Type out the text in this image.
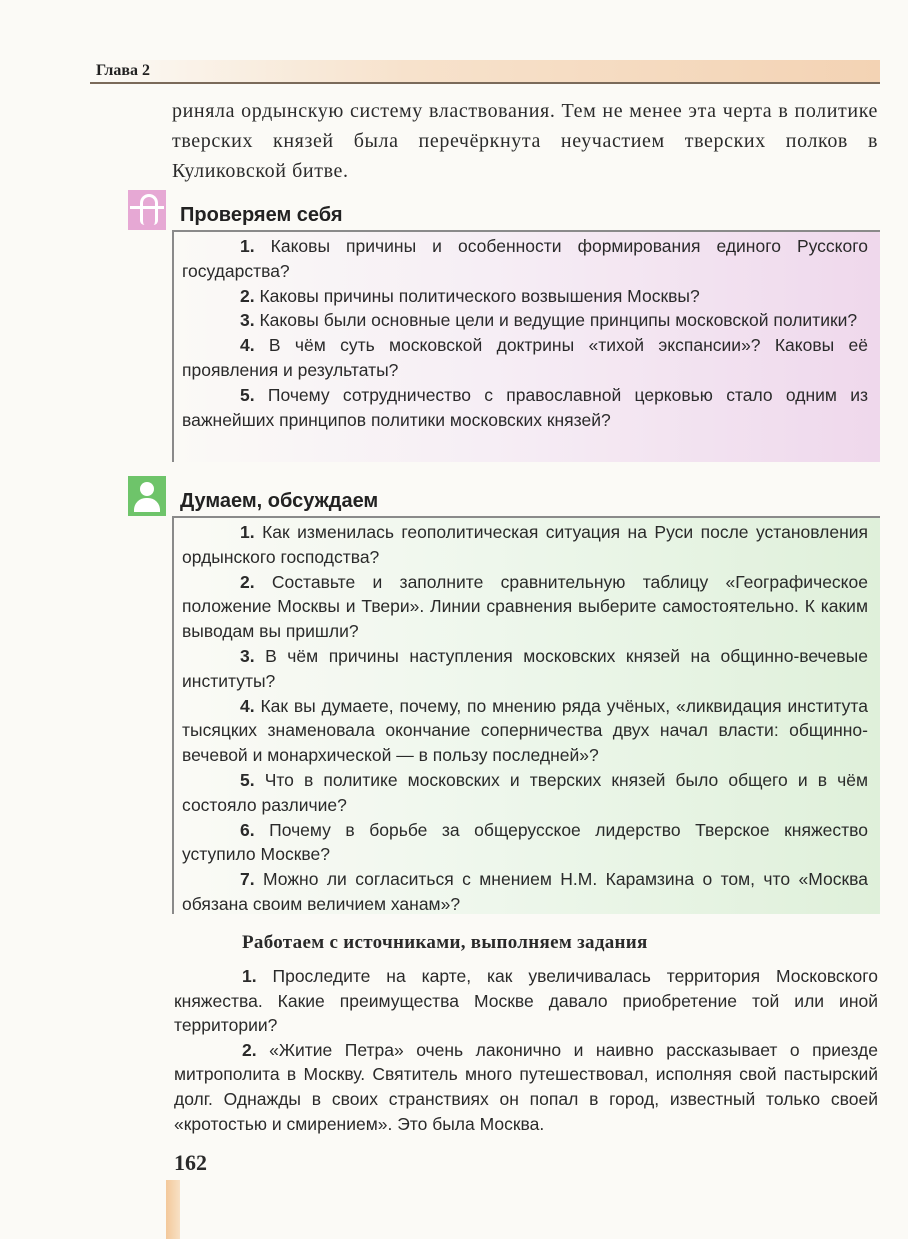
Глава 2

риняла ордынскую систему властвования. Тем не менее эта черта в политике тверских князей была перечёркнута неучастием тверских полков в Куликовской битве.

Проверяем себя
1. Каковы причины и особенности формирования единого Русского государства?
2. Каковы причины политического возвышения Москвы?
3. Каковы были основные цели и ведущие принципы московской политики?
4. В чём суть московской доктрины «тихой экспансии»? Каковы её проявления и результаты?
5. Почему сотрудничество с православной церковью стало одним из важнейших принципов политики московских князей?
Думаем, обсуждаем
1. Как изменилась геополитическая ситуация на Руси после установления ордынского господства?
2. Составьте и заполните сравнительную таблицу «Географическое положение Москвы и Твери». Линии сравнения выберите самостоятельно. К каким выводам вы пришли?
3. В чём причины наступления московских князей на общинно-вечевые институты?
4. Как вы думаете, почему, по мнению ряда учёных, «ликвидация института тысяцких знаменовала окончание соперничества двух начал власти: общинно-вечевой и монархической — в пользу последней»?
5. Что в политике московских и тверских князей было общего и в чём состояло различие?
6. Почему в борьбе за общерусское лидерство Тверское княжество уступило Москве?
7. Можно ли согласиться с мнением Н.М. Карамзина о том, что «Москва обязана своим величием ханам»?
Работаем с источниками, выполняем задания
1. Проследите на карте, как увеличивалась территория Московского княжества. Какие преимущества Москве давало приобретение той или иной территории?
2. «Житие Петра» очень лаконично и наивно рассказывает о приезде митрополита в Москву. Святитель много путешествовал, исполняя свой пастырский долг. Однажды в своих странствиях он попал в город, известный только своей «кротостью и смирением». Это была Москва.
162
